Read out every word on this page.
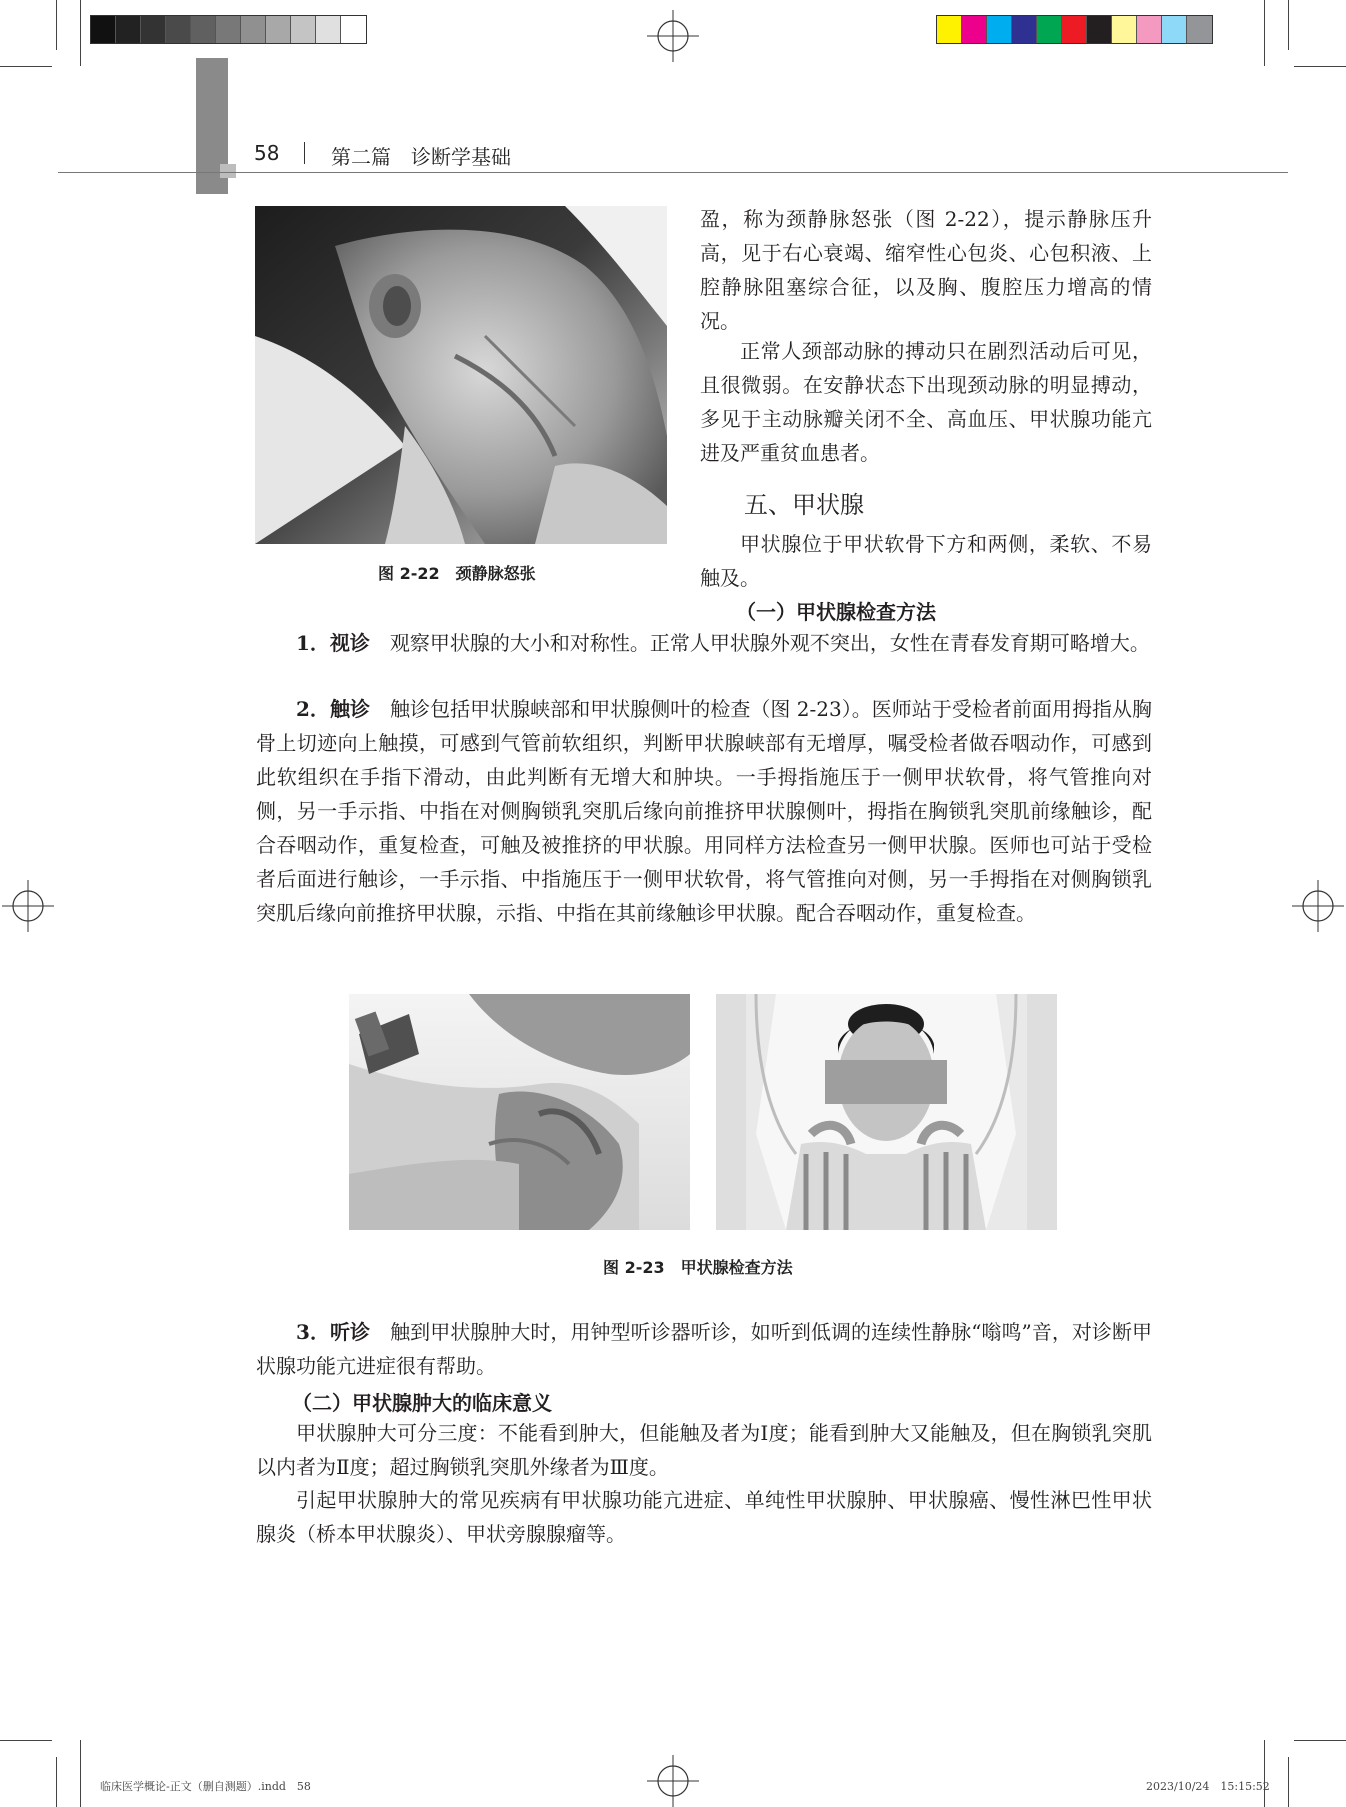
58	第二篇　诊断学基础
图 2-22　颈静脉怒张
盈，称为颈静脉怒张（图 2-22），提示静脉压升高，见于右心衰竭、缩窄性心包炎、心包积液、上腔静脉阻塞综合征，以及胸、腹腔压力增高的情况。
正常人颈部动脉的搏动只在剧烈活动后可见，且很微弱。在安静状态下出现颈动脉的明显搏动，多见于主动脉瓣关闭不全、高血压、甲状腺功能亢进及严重贫血患者。
五、甲状腺
甲状腺位于甲状软骨下方和两侧，柔软、不易触及。
（一）甲状腺检查方法
1．视诊　 观察甲状腺的大小和对称性。正常人甲状腺外观不突出，女性在青春发育期可略增大。
2．触诊　 触诊包括甲状腺峡部和甲状腺侧叶的检查（图 2-23）。医师站于受检者前面用拇指从胸骨上切迹向上触摸，可感到气管前软组织，判断甲状腺峡部有无增厚，嘱受检者做吞咽动作，可感到此软组织在手指下滑动，由此判断有无增大和肿块。一手拇指施压于一侧甲状软骨，将气管推向对侧，另一手示指、中指在对侧胸锁乳突肌后缘向前推挤甲状腺侧叶，拇指在胸锁乳突肌前缘触诊，配合吞咽动作，重复检查，可触及被推挤的甲状腺。用同样方法检查另一侧甲状腺。医师也可站于受检者后面进行触诊，一手示指、中指施压于一侧甲状软骨，将气管推向对侧，另一手拇指在对侧胸锁乳突肌后缘向前推挤甲状腺，示指、中指在其前缘触诊甲状腺。配合吞咽动作，重复检查。
图 2-23　甲状腺检查方法
3．听诊　 触到甲状腺肿大时，用钟型听诊器听诊，如听到低调的连续性静脉“嗡鸣”音，对诊断甲状腺功能亢进症很有帮助。
（二）甲状腺肿大的临床意义
甲状腺肿大可分三度：不能看到肿大，但能触及者为Ⅰ度；能看到肿大又能触及，但在胸锁乳突肌以内者为Ⅱ度；超过胸锁乳突肌外缘者为Ⅲ度。
引起甲状腺肿大的常见疾病有甲状腺功能亢进症、单纯性甲状腺肿、甲状腺癌、慢性淋巴性甲状腺炎（桥本甲状腺炎）、甲状旁腺腺瘤等。
临床医学概论-正文（删自测题）.indd　58	2023/10/24　15:15:52
